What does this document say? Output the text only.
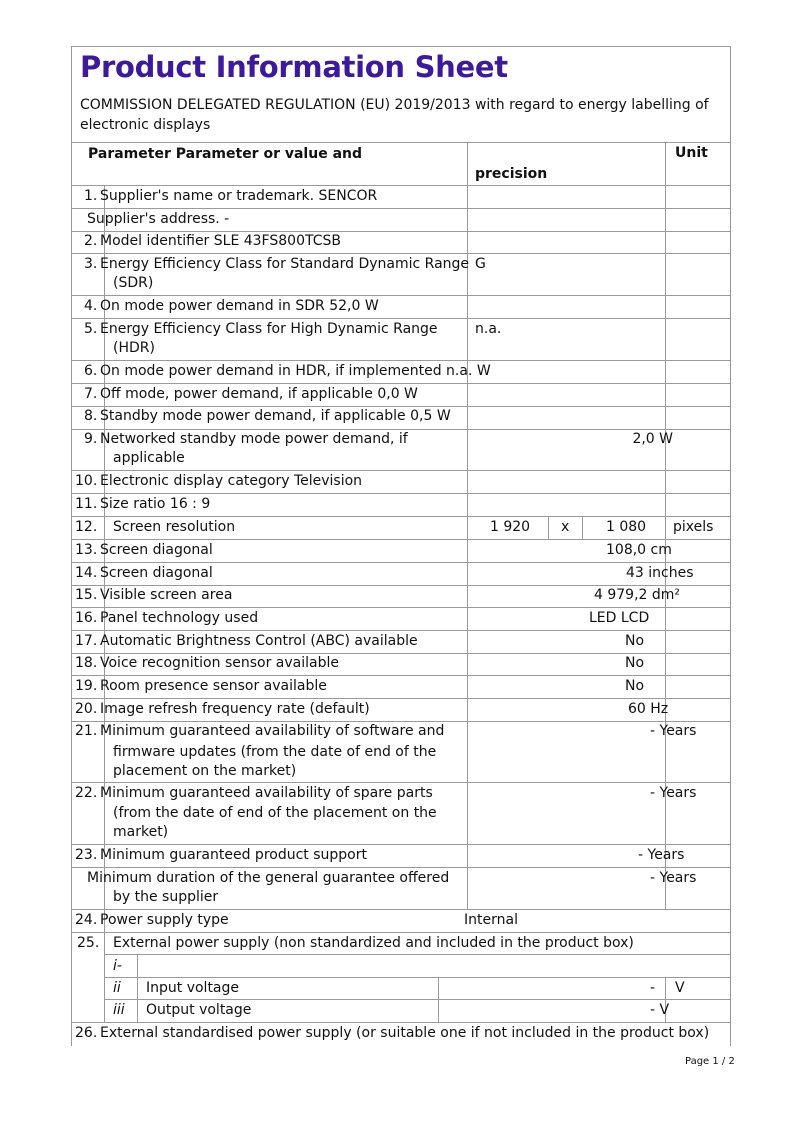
Product Information Sheet
COMMISSION DELEGATED REGULATION (EU) 2019/2013 with regard to energy labelling of electronic displays
Parameter Parameter or value and
precision
Unit
1. Supplier's name or trademark. SENCOR
Supplier's address. -
2. Model identifier SLE 43FS800TCSB
3. Energy Efficiency Class for Standard Dynamic Range
(SDR)
G
4. On mode power demand in SDR 52,0 W
5. Energy Efficiency Class for High Dynamic Range
(HDR)
n.a.
6. On mode power demand in HDR, if implemented n.a. W
7. Off mode, power demand, if applicable 0,0 W
8. Standby mode power demand, if applicable 0,5 W
9. Networked standby mode power demand, if
applicable
2,0 W
10. Electronic display category Television
11. Size ratio 16 : 9
12. Screen resolution	1 920 x	1 080 pixels
13. Screen diagonal	108,0 cm
14. Screen diagonal	43 inches
15. Visible screen area	4 979,2 dm²
16. Panel technology used	LED LCD
17. Automatic Brightness Control (ABC) available	No
18. Voice recognition sensor available	No
19. Room presence sensor available	No
20. Image refresh frequency rate (default)	60 Hz
21. Minimum guaranteed availability of software and
firmware updates (from the date of end of the
placement on the market)
- Years
22. Minimum guaranteed availability of spare parts
(from the date of end of the placement on the
market)
- Years
23. Minimum guaranteed product support	- Years
Minimum duration of the general guarantee offered
by the supplier
- Years
24. Power supply type	Internal
25. External power supply (non standardized and included in the product box)
i-
ii Input voltage	- V
iii Output voltage	- V
26. External standardised power supply (or suitable one if not included in the product box)
Page 1 / 2
